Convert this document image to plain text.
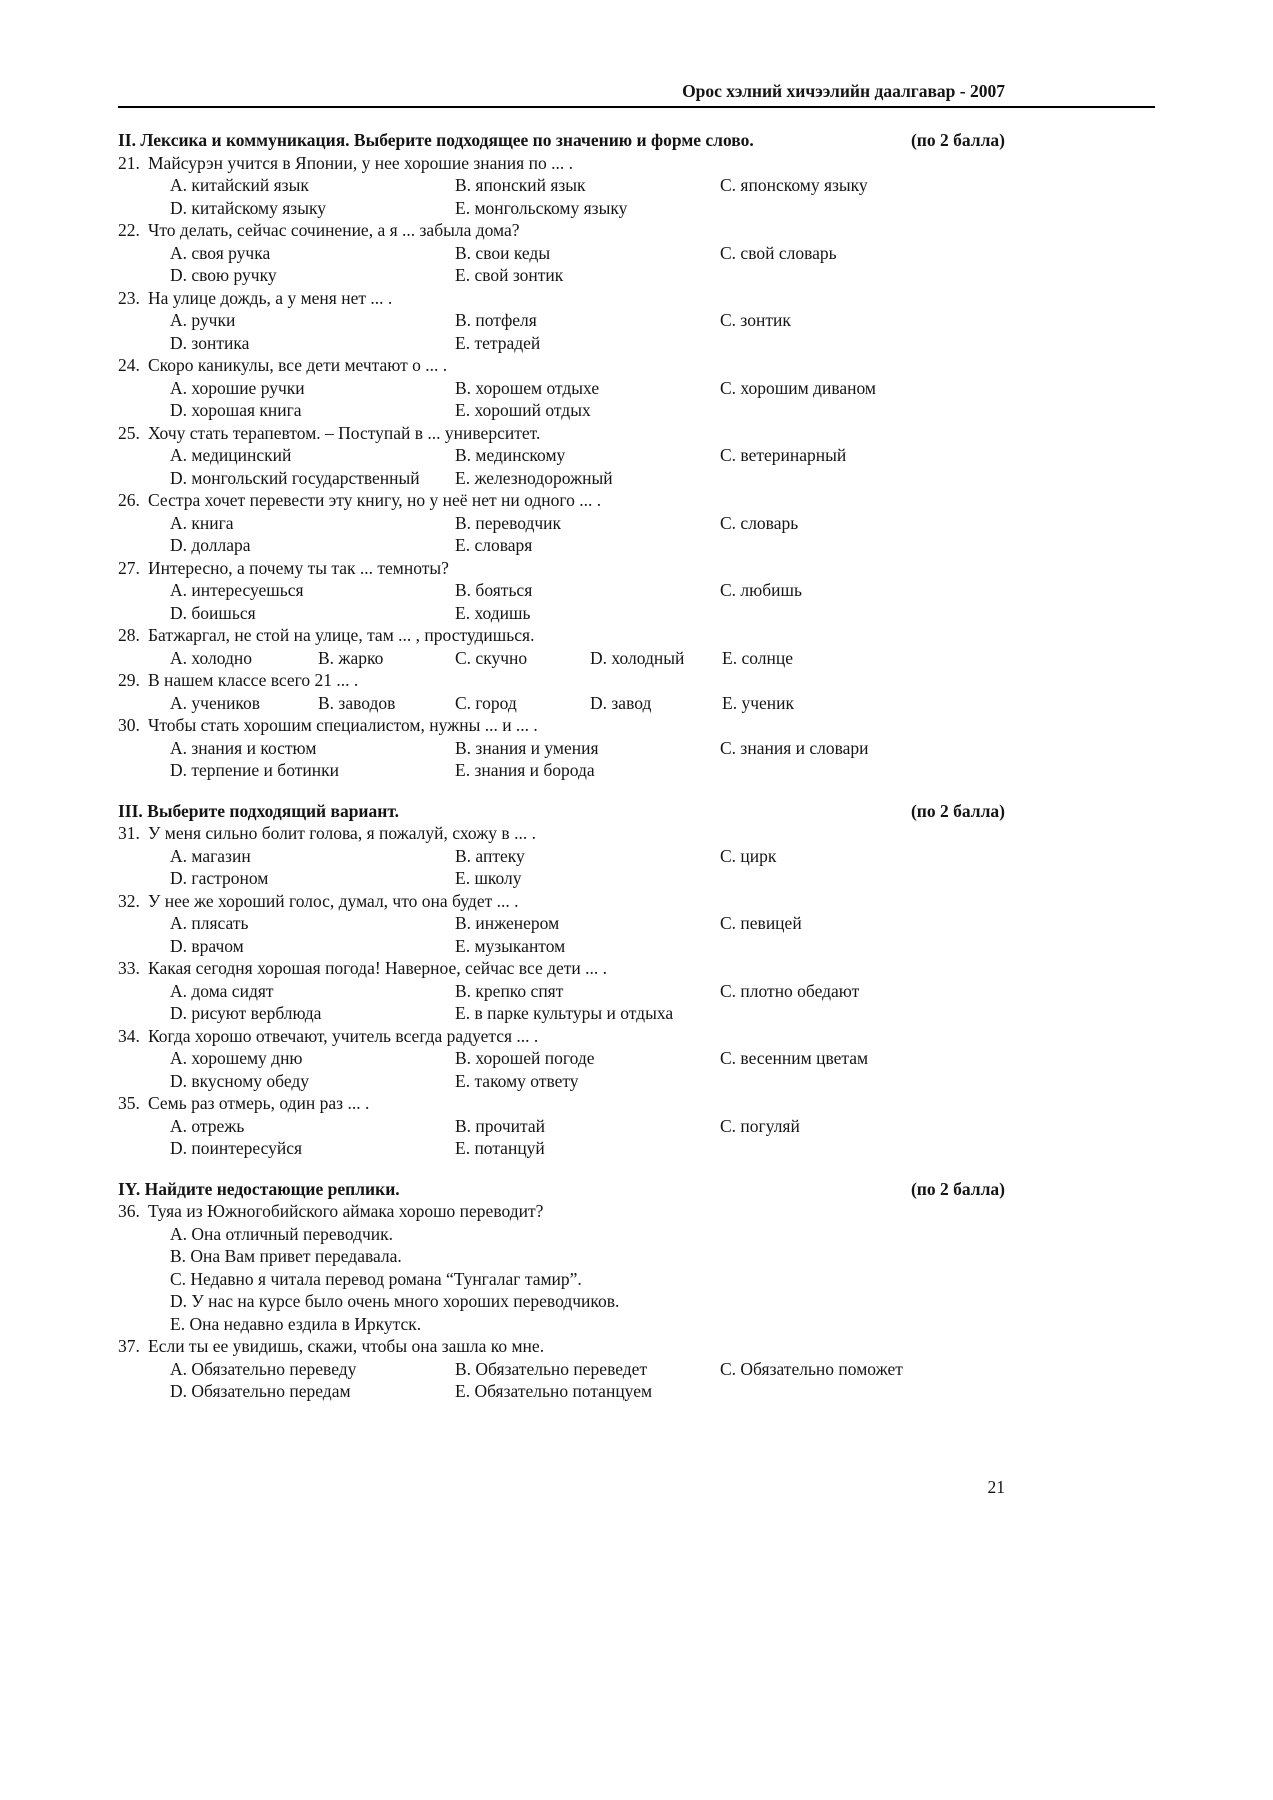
Орос хэлний хичээлийн даалгавар - 2007
II. Лексика и коммуникация. Выберите подходящее по значению и форме слово.	(по 2 балла)
21. Майсурэн учится в Японии, у нее хорошие знания по ... .
A. китайский язык	B. японский язык	C. японскому языку
D. китайскому языку	E. монгольскому языку
22. Что делать, сейчас сочинение, а я ... забыла дома?
A. своя ручка	B. свои кеды	C. свой словарь
D. свою ручку	E. свой зонтик
23. На улице дождь, а у меня нет ... .
A. ручки	B. потфеля	C. зонтик
D. зонтика	E. тетрадей
24. Скоро каникулы, все дети мечтают о ... .
A. хорошие ручки	B. хорошем отдыхе	C. хорошим диваном
D. хорошая книга	E. хороший отдых
25. Хочу стать терапевтом. – Поступай в ... университет.
A. медицинский	B. мединскому	C. ветеринарный
D. монгольский государственный E. железнодорожный
26. Сестра хочет перевести эту книгу, но у неё нет ни одного ... .
A. книга	B. переводчик	C. словарь
D. доллара	E. словаря
27. Интересно, а почему ты так ... темноты?
A. интересуешься	B. бояться	C. любишь
D. боишься	E. ходишь
28. Батжаргал, не стой на улице, там ... , простудишься.
A. холодно	B. жарко	C. скучно	D. холодный E. солнце
29. В нашем классе всего 21 ... .
A. учеников	B. заводов	C. город	D. завод	E. ученик
30. Чтобы стать хорошим специалистом, нужны ... и ... .
A. знания и костюм	B. знания и умения	C. знания и словари
D. терпение и ботинки	E. знания и борода
III. Выберите подходящий вариант.	(по 2 балла)
31. У меня сильно болит голова, я пожалуй, схожу в ... .
A. магазин	B. аптеку	C. цирк
D. гастроном	E. школу
32. У нее же хороший голос, думал, что она будет ... .
A. плясать	B. инженером	C. певицей
D. врачом	E. музыкантом
33. Какая сегодня хорошая погода! Наверное, сейчас все дети ... .
A. дома сидят	B. крепко спят	C. плотно обедают
D. рисуют верблюда	E. в парке культуры и отдыха
34. Когда хорошо отвечают, учитель всегда радуется ... .
A. хорошему дню	B. хорошей погоде	C. весенним цветам
D. вкусному обеду	E. такому ответу
35. Семь раз отмерь, один раз ... .
A. отрежь	B. прочитай	C. погуляй
D. поинтересуйся	E. потанцуй
IY. Найдите недостающие реплики.	(по 2 балла)
36. Туяа из Южногобийского аймака хорошо переводит?
A. Она отличный переводчик.
B. Она Вам привет передавала.
C. Недавно я читала перевод романа “Тунгалаг тамир”.
D. У нас на курсе было очень много хороших переводчиков.
E. Она недавно ездила в Иркутск.
37. Если ты ее увидишь, скажи, чтобы она зашла ко мне.
A. Обязательно переведу	B. Обязательно переведет	C. Обязательно поможет
D. Обязательно передам	E. Обязательно потанцуем
21
